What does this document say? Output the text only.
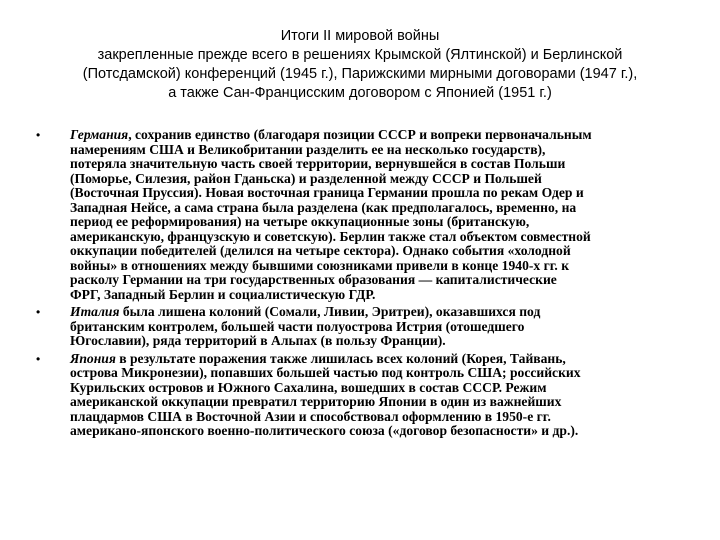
Итоги II мировой войны
закрепленные прежде всего в решениях Крымской (Ялтинской) и Берлинской
(Потсдамской) конференций (1945 г.), Парижскими мирными договорами (1947 г.),
а также Сан-Францисским договором с Японией (1951 г.)
• Германия, сохранив единство (благодаря позиции СССР и вопреки первоначальным
намерениям США и Великобритании разделить ее на несколько государств),
потеряла значительную часть своей территории, вернувшейся в состав Польши
(Поморье, Силезия, район Гданьска) и разделенной между СССР и Польшей
(Восточная Пруссия). Новая восточная граница Германии прошла по рекам Одер и
Западная Нейсе, а сама страна была разделена (как предполагалось, временно, на
период ее реформирования) на четыре оккупационные зоны (британскую,
американскую, французскую и советскую). Берлин также стал объектом совместной
оккупации победителей (делился на четыре сектора). Однако события «холодной
войны» в отношениях между бывшими союзниками привели в конце 1940-х гг. к
расколу Германии на три государственных образования — капиталистические
ФРГ, Западный Берлин и социалистическую ГДР.
• Италия была лишена колоний (Сомали, Ливии, Эритреи), оказавшихся под
британским контролем, большей части полуострова Истрия (отошедшего
Югославии), ряда территорий в Альпах (в пользу Франции).
• Япония в результате поражения также лишилась всех колоний (Корея, Тайвань,
острова Микронезии), попавших большей частью под контроль США; российских
Курильских островов и Южного Сахалина, вошедших в состав СССР. Режим
американской оккупации превратил территорию Японии в один из важнейших
плацдармов США в Восточной Азии и способствовал оформлению в 1950-е гг.
американо-японского военно-политического союза («договор безопасности» и др.).
